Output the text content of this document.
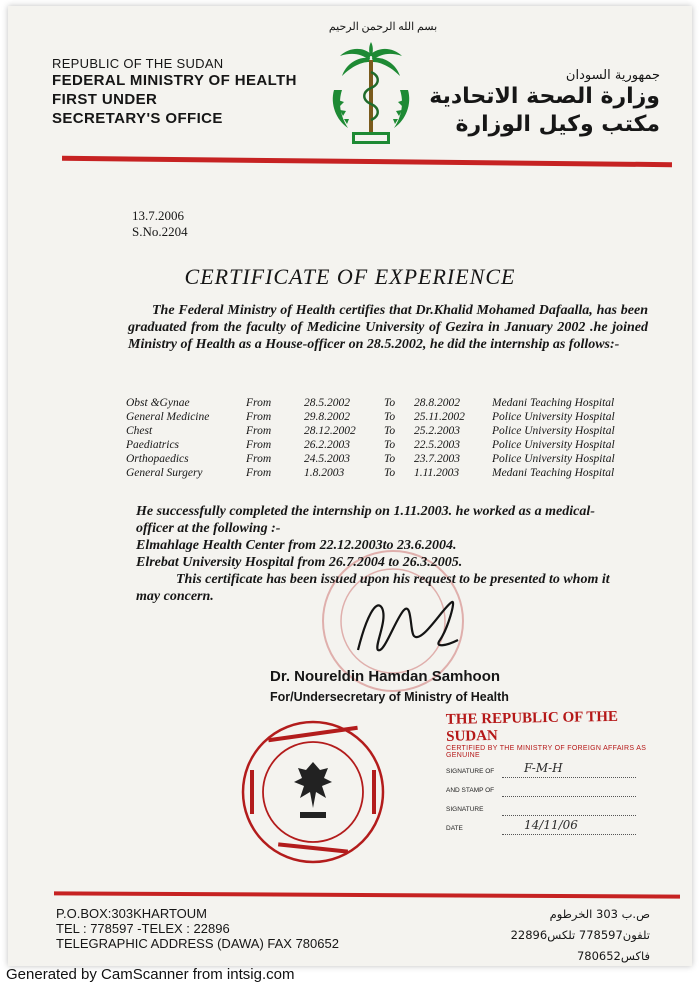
بسم الله الرحمن الرحيم
REPUBLIC OF THE SUDAN
FEDERAL MINISTRY OF HEALTH
FIRST UNDER
SECRETARY'S OFFICE
جمهورية السودان
وزارة الصحة الاتحادية
مكتب وكيل الوزارة
13.7.2006
S.No.2204
CERTIFICATE OF EXPERIENCE
The Federal Ministry of Health certifies that Dr.Khalid Mohamed Dafaalla, has been graduated from the faculty of Medicine University of Gezira in January 2002 .he joined Ministry of Health as a House-officer on 28.5.2002, he did the internship as follows:-
Obst &Gynae	From	28.5.2002	To	28.8.2002	Medani Teaching Hospital
General Medicine	From	29.8.2002	To	25.11.2002	Police University Hospital
Chest	From	28.12.2002	To	25.2.2003	Police University Hospital
Paediatrics	From	26.2.2003	To	22.5.2003	Police University Hospital
Orthopaedics	From	24.5.2003	To	23.7.2003	Police University Hospital
General Surgery	From	1.8.2003	To	1.11.2003	Medani Teaching Hospital
He successfully completed the internship on 1.11.2003. he worked as a medical-officer at the following :-
Elmahlage Health Center from 22.12.2003to 23.6.2004.
Elrebat University Hospital from 26.7.2004 to 26.3.2005.
This certificate has been issued upon his request to be presented to whom it may concern.
Dr. Noureldin Hamdan Samhoon
For/Undersecretary of Ministry of Health
THE REPUBLIC OF THE SUDAN
CERTIFIED BY THE MINISTRY OF FOREIGN AFFAIRS AS GENUINE
SIGNATURE OF F-M-H
AND STAMP OF
SIGNATURE
DATE	14/11/06
P.O.BOX:303KHARTOUM
TEL : 778597 -TELEX : 22896
TELEGRAPHIC ADDRESS (DAWA) FAX 780652
ص.ب 303 الخرطوم
تلفون778597 تلكس22896
فاكس780652
Generated by CamScanner from intsig.com
